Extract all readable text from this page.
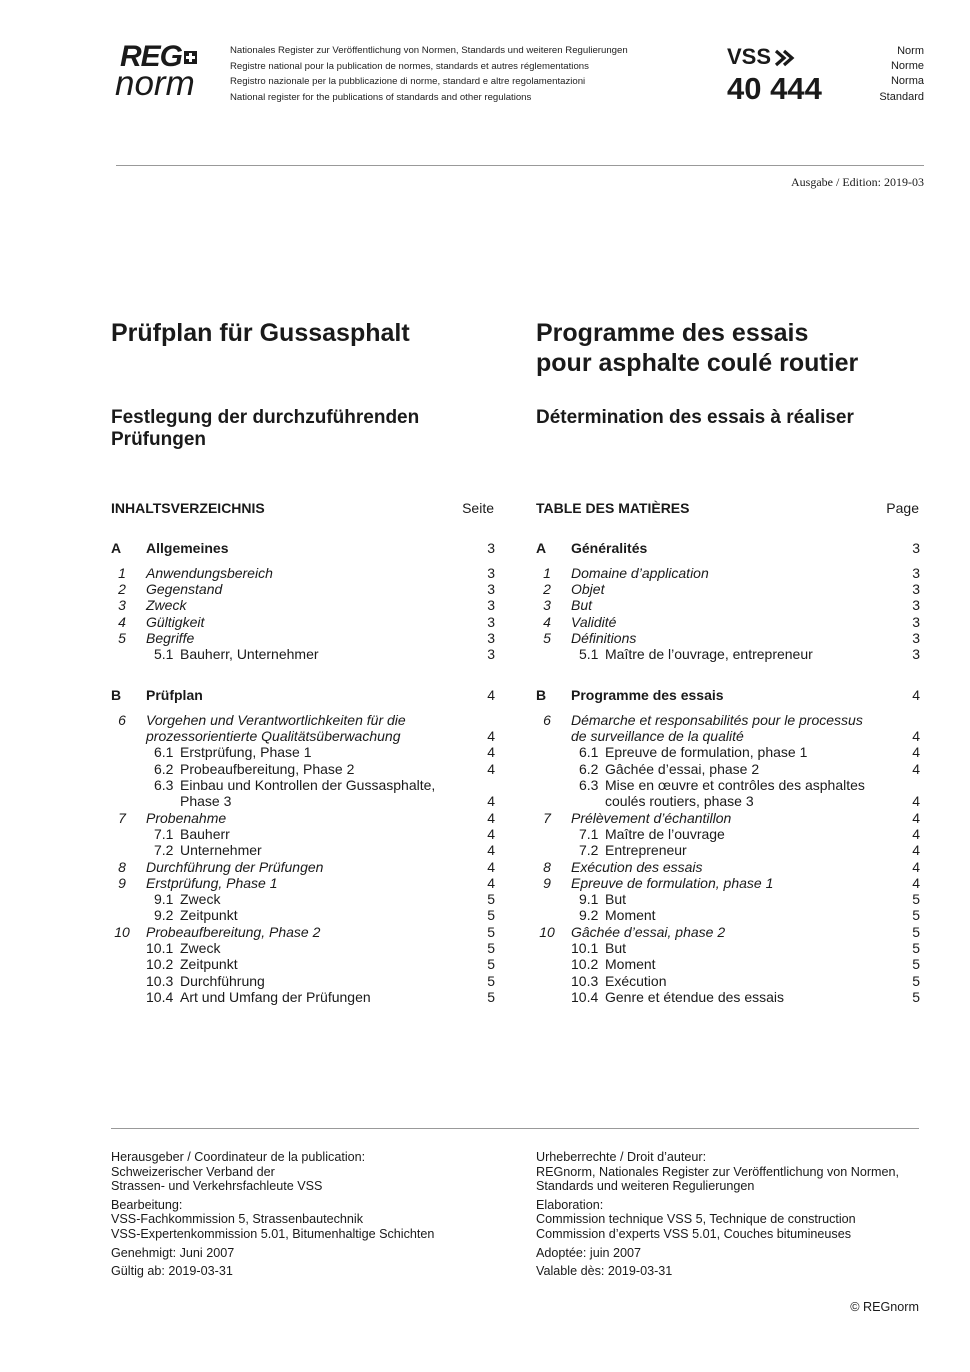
REG
norm
Nationales Register zur Veröffentlichung von Normen, Standards und weiteren Regulierungen
Registre national pour la publication de normes, standards et autres réglementations
Registro nazionale per la pubblicazione di norme, standard e altre regolamentazioni
National register for the publications of standards and other regulations
VSS
40 444
Norm
Norme
Norma
Standard
Ausgabe / Edition: 2019-03
Prüfplan für Gussasphalt	Programme des essais
pour asphalte coulé routier
Festlegung der durchzuführenden Prüfungen
Détermination des essais à réaliser
INHALTSVERZEICHNIS	Seite	TABLE DES MATIÈRES	Page
A Allgemeines	3
1	Anwendungsbereich	3
2	Gegenstand	3
3	Zweck	3
4	Gültigkeit	3
5	Begriffe	3
5.1 Bauherr, Unternehmer	3
B Prüfplan	4
6	Vorgehen und Verantwortlichkeiten für die
prozessorientierte Qualitätsüberwachung	4
6.1 Erstprüfung, Phase 1	4
6.2 Probeaufbereitung, Phase 2	4
6.3 Einbau und Kontrollen der Gussasphalte,
Phase 3	4
7	Probenahme	4
7.1 Bauherr	4
7.2 Unternehmer	4
8	Durchführung der Prüfungen	4
9	Erstprüfung, Phase 1	4
9.1 Zweck	5
9.2 Zeitpunkt	5
10 Probeaufbereitung, Phase 2	5
10.1 Zweck	5
10.2 Zeitpunkt	5
10.3 Durchführung	5
10.4 Art und Umfang der Prüfungen	5
A Généralités	3
1	Domaine d’application	3
2	Objet	3
3	But	3
4	Validité	3
5	Définitions	3
5.1 Maître de l’ouvrage, entrepreneur	3
B Programme des essais	4
6	Démarche et responsabilités pour le processus
de surveillance de la qualité	4
6.1 Epreuve de formulation, phase 1	4
6.2 Gâchée d’essai, phase 2	4
6.3 Mise en œuvre et contrôles des asphaltes
coulés routiers, phase 3	4
7	Prélèvement d’échantillon	4
7.1 Maître de l’ouvrage	4
7.2 Entrepreneur	4
8	Exécution des essais	4
9	Epreuve de formulation, phase 1	4
9.1 But	5
9.2 Moment	5
10 Gâchée d’essai, phase 2	5
10.1 But	5
10.2 Moment	5
10.3 Exécution	5
10.4 Genre et étendue des essais	5
Herausgeber / Coordinateur de la publication:
Schweizerischer Verband der
Strassen- und Verkehrsfachleute VSS
Bearbeitung:
VSS-Fachkommission 5, Strassenbautechnik
VSS-Expertenkommission 5.01, Bitumenhaltige Schichten
Genehmigt: Juni 2007
Gültig ab: 2019-03-31
Urheberrechte / Droit d’auteur:
REGnorm, Nationales Register zur Veröffentlichung von Normen,
Standards und weiteren Regulierungen
Elaboration:
Commission technique VSS 5, Technique de construction
Commission d’experts VSS 5.01, Couches bitumineuses
Adoptée: juin 2007
Valable dès: 2019-03-31
© REGnorm
